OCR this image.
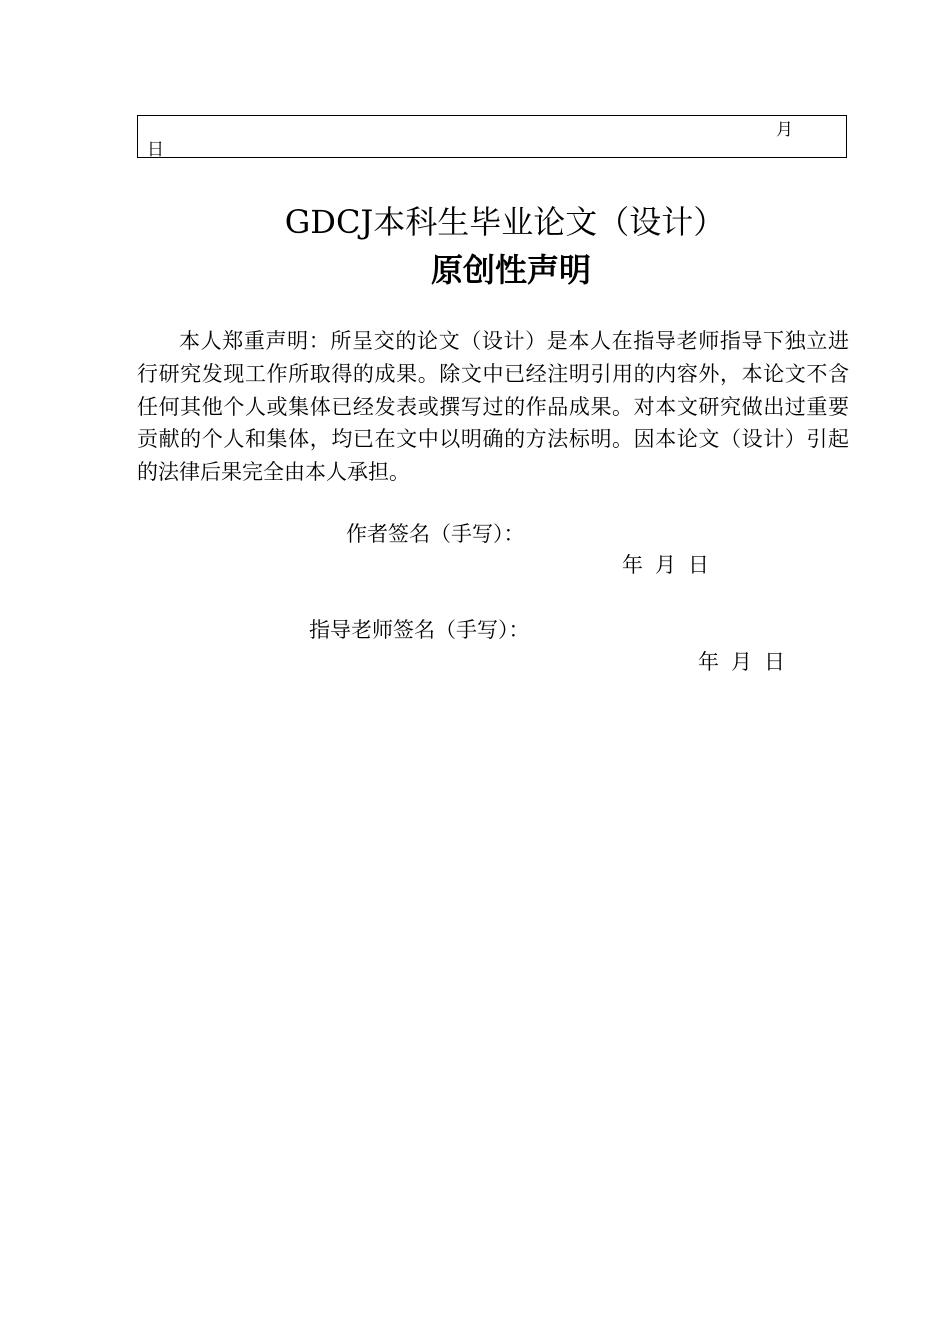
月
日
GDCJ本科生毕业论文（设计）
原创性声明

本人郑重声明：所呈交的论文（设计）是本人在指导老师指导下独立进行研究发现工作所取得的成果。除文中已经注明引用的内容外，本论文不含任何其他个人或集体已经发表或撰写过的作品成果。对本文研究做出过重要贡献的个人和集体，均已在文中以明确的方法标明。因本论文（设计）引起的法律后果完全由本人承担。

作者签名（手写）：
年 月 日
指导老师签名（手写）：
年 月 日
